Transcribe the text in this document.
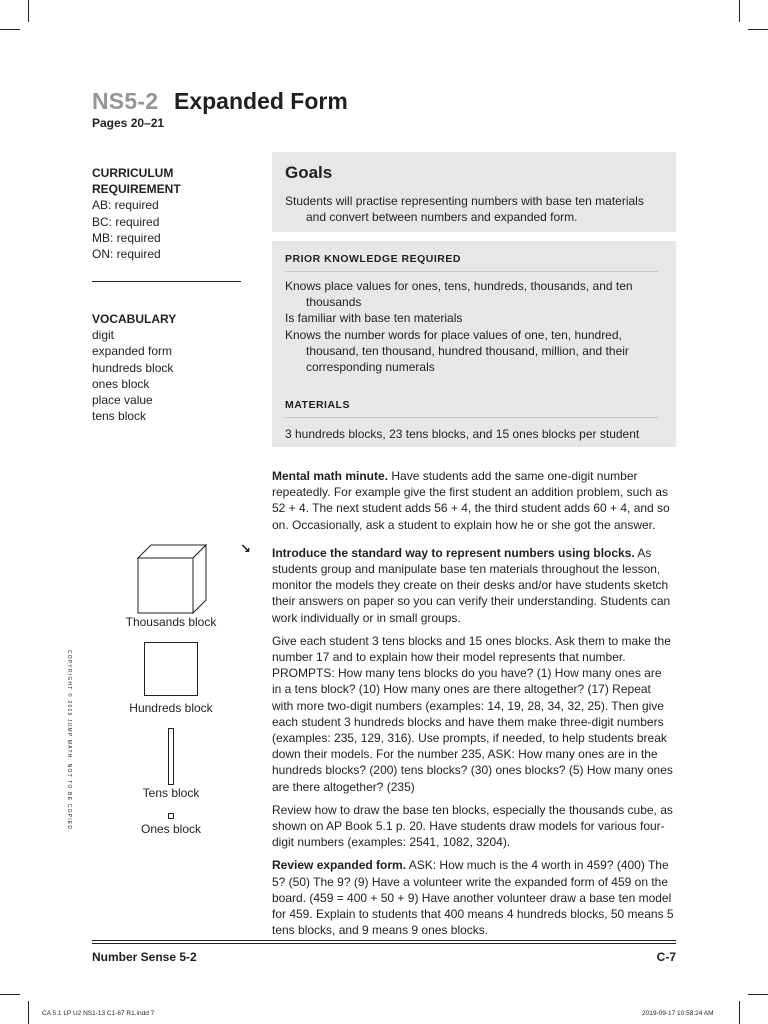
NS5-2 Expanded Form
Pages 20–21
CURRICULUM
REQUIREMENT
AB: required
BC: required
MB: required
ON: required
VOCABULARY
digit
expanded form
hundreds block
ones block
place value
tens block
Goals

Students will practise representing numbers with base ten materials and convert between numbers and expanded form.

PRIOR KNOWLEDGE REQUIRED

Knows place values for ones, tens, hundreds, thousands, and ten thousands

Is familiar with base ten materials

Knows the number words for place values of one, ten, hundred, thousand, ten thousand, hundred thousand, million, and their corresponding numerals

MATERIALS
3 hundreds blocks, 23 tens blocks, and 15 ones blocks per student

Mental math minute. Have students add the same one-digit number repeatedly. For example give the first student an addition problem, such as 52 + 4. The next student adds 56 + 4, the third student adds 60 + 4, and so on. Occasionally, ask a student to explain how he or she got the answer.

Introduce the standard way to represent numbers using blocks. As students group and manipulate base ten materials throughout the lesson, monitor the models they create on their desks and/or have students sketch their answers on paper so you can verify their understanding. Students can work individually or in small groups.

Give each student 3 tens blocks and 15 ones blocks. Ask them to make the number 17 and to explain how their model represents that number. PROMPTS: How many tens blocks do you have? (1) How many ones are in a tens block? (10) How many ones are there altogether? (17) Repeat with more two-digit numbers (examples: 14, 19, 28, 34, 32, 25). Then give each student 3 hundreds blocks and have them make three-digit numbers (examples: 235, 129, 316). Use prompts, if needed, to help students break down their models. For the number 235, ASK: How many ones are in the hundreds blocks? (200) tens blocks? (30) ones blocks? (5) How many ones are there altogether? (235)

Review how to draw the base ten blocks, especially the thousands cube, as shown on AP Book 5.1 p. 20. Have students draw models for various four-digit numbers (examples: 2541, 1082, 3204).

Review expanded form. ASK: How much is the 4 worth in 459? (400) The 5? (50) The 9? (9) Have a volunteer write the expanded form of 459 on the board. (459 = 400 + 50 + 9) Have another volunteer draw a base ten model for 459. Explain to students that 400 means 4 hundreds blocks, 50 means 5 tens blocks, and 9 means 9 ones blocks.

↘
Thousands block
Hundreds block
Tens block
Ones block
COPYRIGHT © 2019 JUMP MATH: NOT TO BE COPIED.
Number Sense 5-2	C-7
CA 5.1 LP U2 NS1-13 C1-67 R1.indd 7	2019-09-17 10:58:24 AM
